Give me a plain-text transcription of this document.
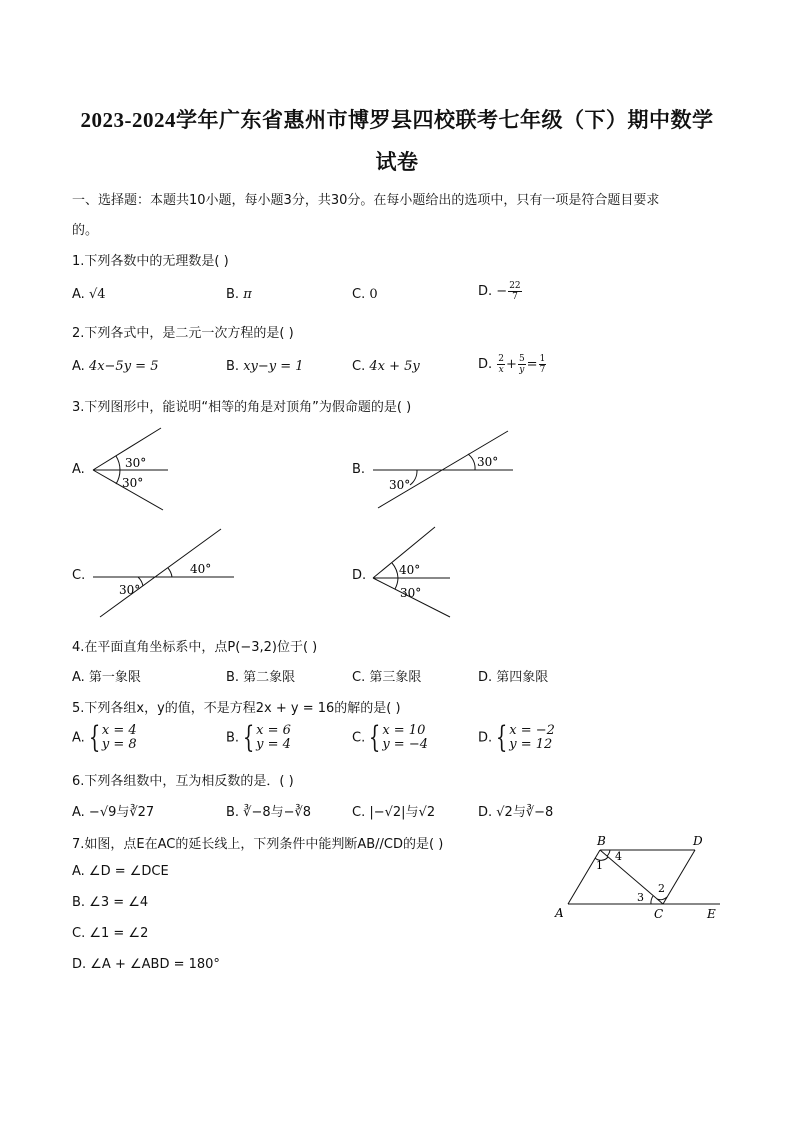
2023-2024学年广东省惠州市博罗县四校联考七年级（下）期中数学
试卷
一、选择题：本题共10小题，每小题3分，共30分。在每小题给出的选项中，只有一项是符合题目要求
的。
1.下列各数中的无理数是( )
A. √4	B. π	C. 0	D. − $\frac{22}{7}$
2.下列各式中，是二元一次方程的是( )
A. 4x−5y = 5	B. xy−y = 1	C. 4x + 5y	D. $\frac{2}{x} + \frac{5}{y} = \frac{1}{7}$
3.下列图形中，能说明“相等的角是对顶角”为假命题的是( )
A.	30°
30°
B.	30°
30°
C.	40°
30°
D.	40°
30°
4.在平面直角坐标系中，点P(−3,2)位于( )
A. 第一象限	B. 第二象限	C. 第三象限	D. 第四象限
5.下列各组x，y的值，不是方程2x + y = 16的解的是( )
A. { x = 4
y = 8	B. { x = 6
y = 4	C. { x = 10
y = −4	D. { x = −2
y = 12
6.下列各组数中，互为相反数的是．( )
A. −√9与∛27	B. ∛−8与−∛8	C. |−√2|与√2	D. √2与∛−8
7.如图，点E在AC的延长线上，下列条件中能判断AB//CD的是( )
A. ∠D = ∠DCE
B. ∠3 = ∠4
C. ∠1 = ∠2
D. ∠A + ∠ABD = 180°
B	D
A	C	E
1
4
3
2
